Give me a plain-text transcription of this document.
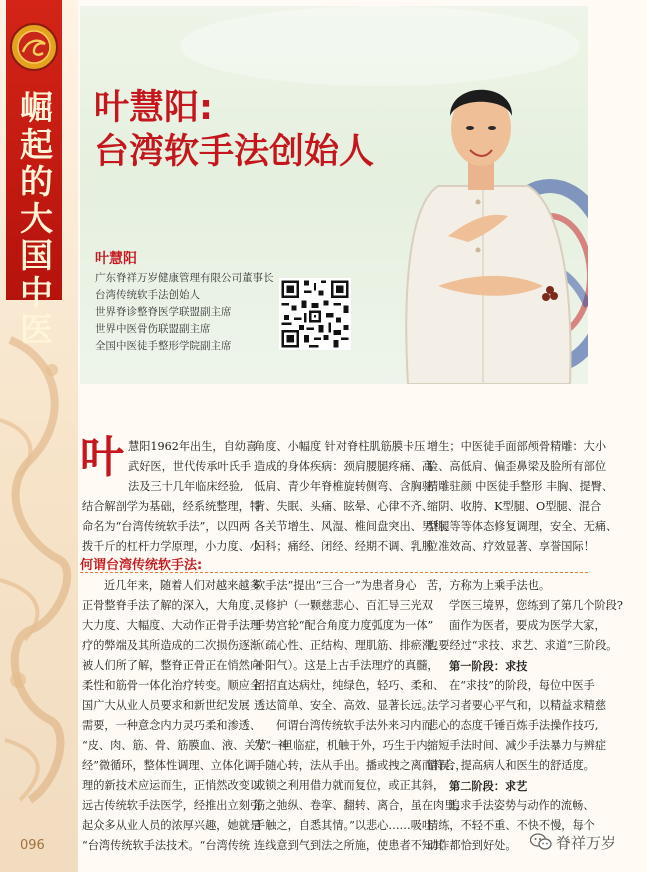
崛起的大国中医
096
叶慧阳:
台湾软手法创始人
叶慧阳
广东脊祥万岁健康管理有限公司董事长
台湾传统软手法创始人
世界脊诊整脊医学联盟副主席
世界中医骨伤联盟副主席
全国中医徒手整形学院副主席
叶 慧阳1962年出生，自幼喜
武好医，世代传承叶氏手
法及三十几年临床经验,
结合解剖学为基础，经系统整理，特
命名为“台湾传统软手法”，以四两
拨千斤的杠杆力学原理，小力度、小
角度、小幅度 针对脊柱肌筋膜卡压
造成的身体疾病：颈肩腰腿疼痛、高
低肩、青少年脊椎旋转侧弯、含胸驼
背、失眠、头痛、眩晕、心律不齐、
各关节增生、风湿、椎间盘突出、男科、
妇科；痛经、闭经、经期不调、乳腺
增生；中医徒手面部颅骨精雕：大小
脸、高低肩、偏歪鼻梁及脸所有部位
精雕驻颜 中医徒手整形 丰胸、提臀、
缩阴、收胯、K型腿、O型腿、混合
型腿等等体态修复调理，安全、无痛、
位准效高、疗效显著、享誉国际！
何谓台湾传统软手法:
近几年来，随着人们对越来越多
正骨整脊手法了解的深入，大角度、
大力度、大幅度、大动作正骨手法理
疗的弊端及其所造成的二次损伤逐渐
被人们所了解，整脊正骨正在悄然向
柔性和筋骨一体化治疗转变。顺应全
国广大从业人员要求和新世纪发展
需要，一种意念内力灵巧柔和渗透、
“皮、肉、筋、骨、筋膜血、液、关节、神
经”微循环，整体性调理、立体化调
理的新技术应运而生，正悄然改变以
远古传统软手法医学，经推出立刻引
起众多从业人员的浓厚兴趣，她就是
“台湾传统软手法技术。“台湾传统
软手法”提出“三合一”为患者身心
灵修护（一颗慈悲心、百汇导三光双
手势宫轮“配合角度力度弧度为一体”
（疏心性、正结构、理肌筋、排瘀滞、
补阳气）。这是上古手法理疗的真髓，
招招直达病灶，纯绿色，轻巧、柔和、
透达简单、安全、高效、显著长远。
何谓台湾传统软手法外来习内而
发“一旦临症，机触于外，巧生于内，
手随心转，法从手出。播或拽之离而符合，
或锁之利用借力就而复位，或正其斜，
筋之弛纵、卷挛、翻转、离合，虽在肉里，
手触之，自悉其情。”以悲心……吸吐
连线意到气到法之所施，使患者不知其
苦，方称为上乘手法也。
学医三境界，您练到了第几个阶段?
面作为医者，要成为医学大家，
也要经过“求技、求艺、求道”三阶段。
第一阶段：求技
在“求技”的阶段，每位中医手
法学习者要心平气和，以精益求精慈
悲心的态度千锤百炼手法操作技巧,
缩短手法时间、减少手法暴力与辨症
错误、提高病人和医生的舒适度。
第二阶段：求艺
追求手法姿势与动作的流畅、
精练，不轻不重、不快不慢，每个
动作都恰到好处。	脊祥万岁
